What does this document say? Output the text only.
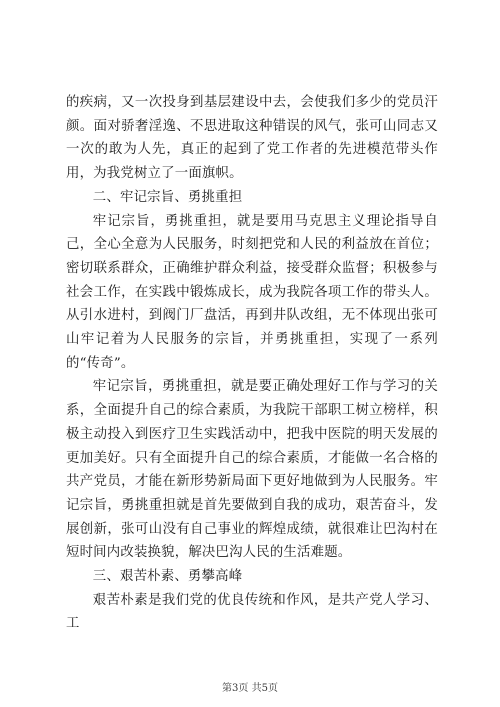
的疾病，又一次投身到基层建设中去，会使我们多少的党员汗颜。面对骄奢淫逸、不思进取这种错误的风气，张可山同志又一次的敢为人先，真正的起到了党工作者的先进模范带头作用，为我党树立了一面旗帜。

二、牢记宗旨、勇挑重担

牢记宗旨，勇挑重担，就是要用马克思主义理论指导自己，全心全意为人民服务，时刻把党和人民的利益放在首位；密切联系群众，正确维护群众利益，接受群众监督；积极参与社会工作，在实践中锻炼成长，成为我院各项工作的带头人。从引水进村，到阀门厂盘活，再到井队改组，无不体现出张可山牢记着为人民服务的宗旨，并勇挑重担，实现了一系列的“传奇”。

牢记宗旨，勇挑重担，就是要正确处理好工作与学习的关系，全面提升自己的综合素质，为我院干部职工树立榜样，积极主动投入到医疗卫生实践活动中，把我中医院的明天发展的更加美好。只有全面提升自己的综合素质，才能做一名合格的共产党员，才能在新形势新局面下更好地做到为人民服务。牢记宗旨，勇挑重担就是首先要做到自我的成功，艰苦奋斗，发展创新，张可山没有自己事业的辉煌成绩，就很难让巴沟村在短时间内改装换貌，解决巴沟人民的生活难题。

三、艰苦朴素、勇攀高峰

艰苦朴素是我们党的优良传统和作风，是共产党人学习、工

第3页 共5页
